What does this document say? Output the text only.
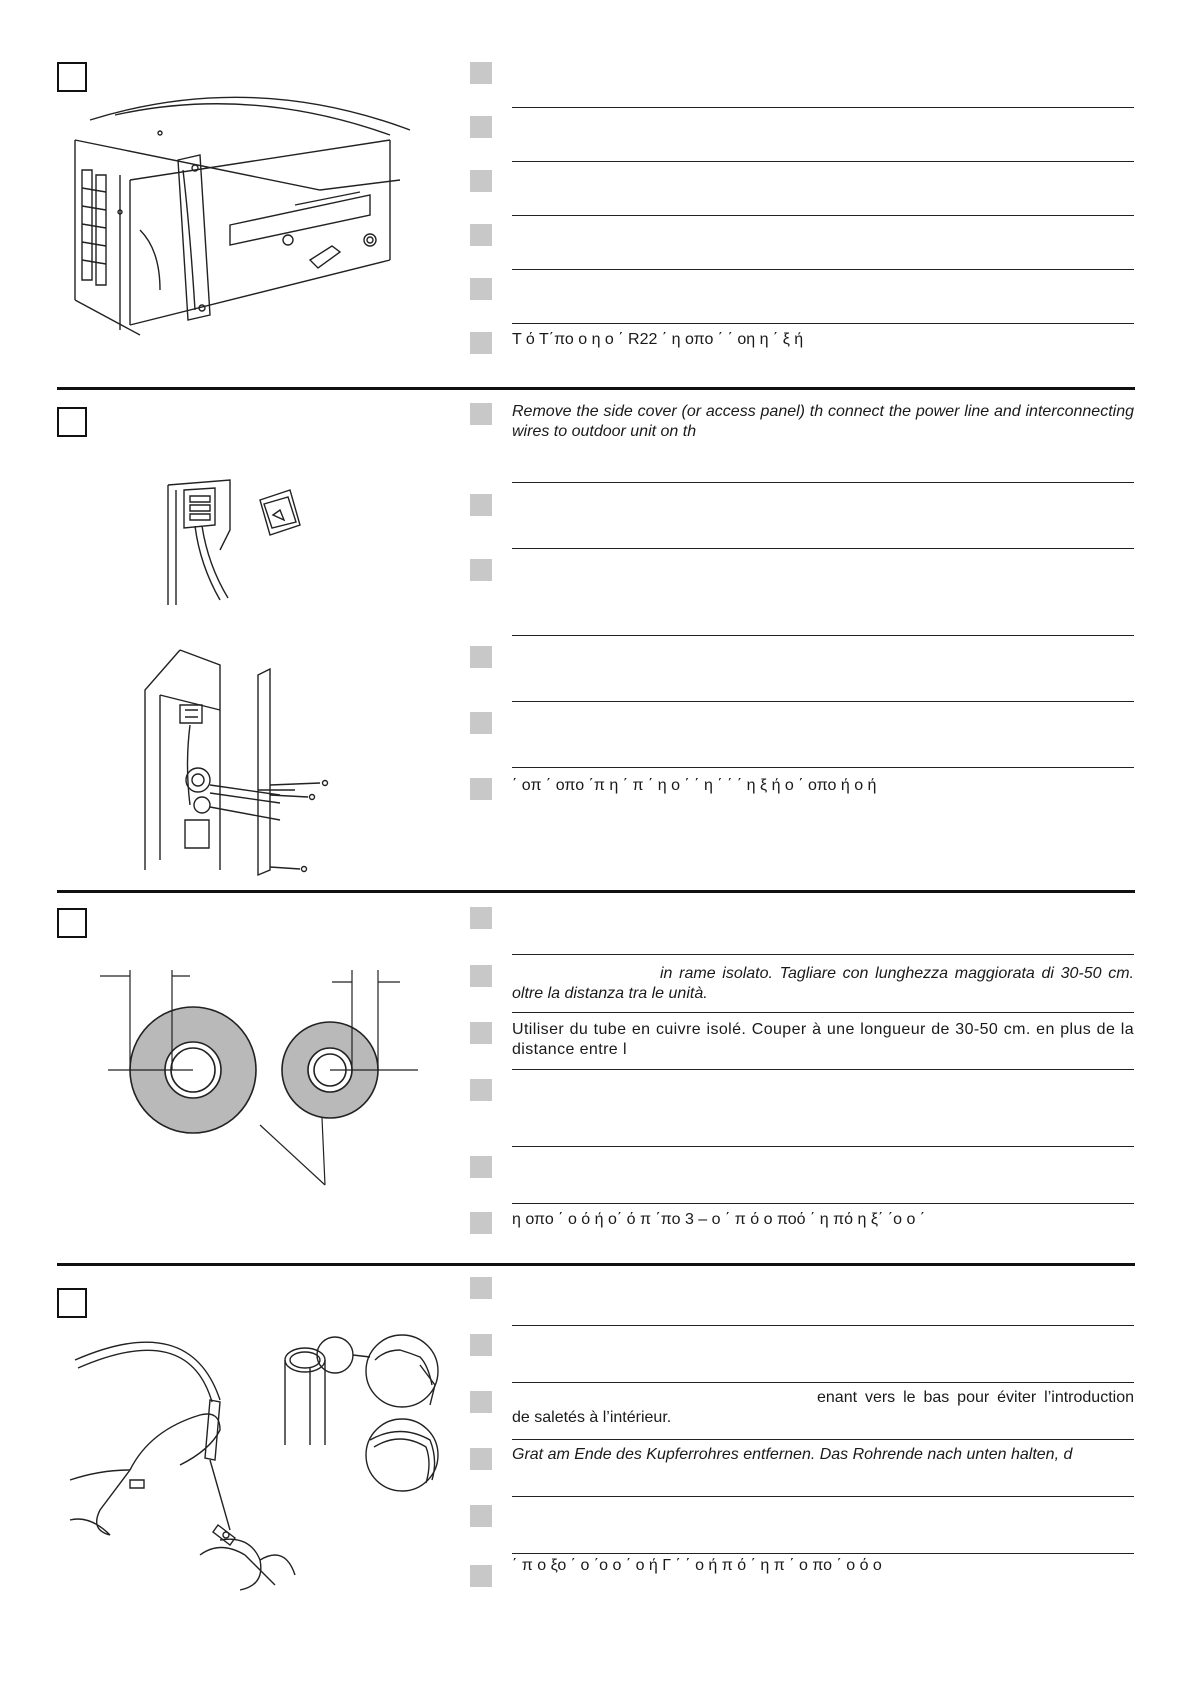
Τ ό Τ΄πο ο η ο ΄ R22 ΄ η οπο ΄ ΄ οη η ΄ ξ ή
Remove the side cover (or access panel) th connect the power line and interconnecting wires to outdoor unit on th
΄ οπ ΄ οπο ΄π η ΄ π ΄ η ο ΄ ΄ η ΄ ΄ ΄ η ξ ή ο ΄ οπο ή ο ή
in rame isolato. Tagliare con lunghezza maggiorata di 30-50 cm. oltre la distanza tra le unità.
Utiliser du tube en cuivre isolé. Couper à une longueur de 30-50 cm. en plus de la distance entre l
η οπο ΄ ο ό ή ο΄ ό π ΄πο 3 – ο ΄ π ό ο ποό ΄ η πό η ξ΄ ΄ο ο ΄
enant vers le bas pour éviter l’introduction de saletés à l’intérieur.
Grat am Ende des Kupferrohres entfernen. Das Rohrende nach unten halten, d
΄ π ο ξο ΄ ο ΄ο ο ΄ ο ή Γ ΄ ΄ ο ή π ό ΄ η π ΄ ο πο ΄ ο ό ο
